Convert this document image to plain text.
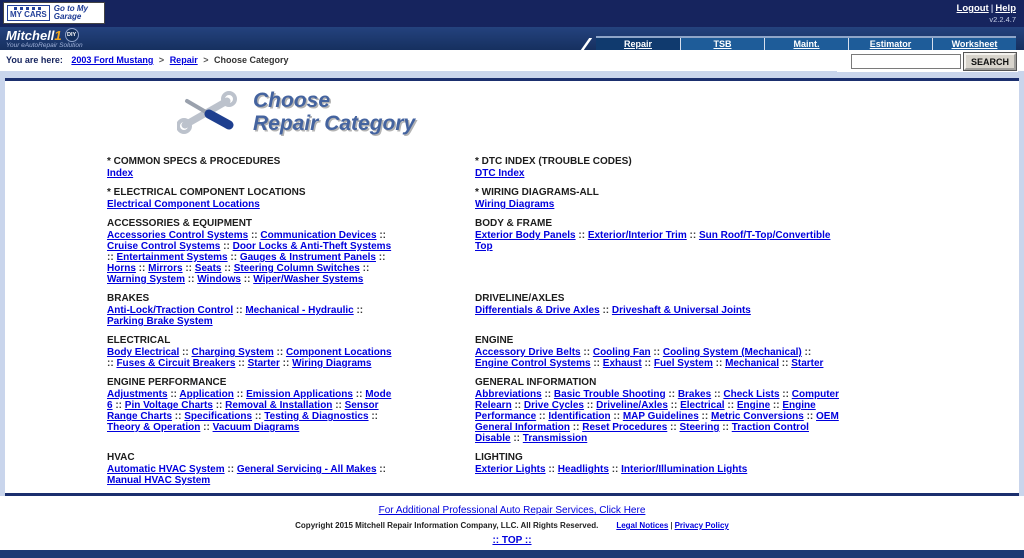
MY CARS
Go to My Garage
Logout | Help
v2.2.4.7
Mitchell1 DIY
Your eAutoRepair Solution	Repair	TSB	Maint.	Estimator	Worksheet
You are here: 2003 Ford Mustang > Repair > Choose Category	SEARCH
Choose
Repair Category
* COMMON SPECS & PROCEDURES
Index

* DTC INDEX (TROUBLE CODES)
DTC Index

* ELECTRICAL COMPONENT LOCATIONS
Electrical Component Locations

* WIRING DIAGRAMS-ALL
Wiring Diagrams

ACCESSORIES & EQUIPMENT
Accessories Control Systems :: Communication Devices :: Cruise Control Systems :: Door Locks & Anti-Theft Systems :: Entertainment Systems :: Gauges & Instrument Panels :: Horns :: Mirrors :: Seats :: Steering Column Switches :: Warning System :: Windows :: Wiper/Washer Systems

BODY & FRAME
Exterior Body Panels :: Exterior/Interior Trim :: Sun Roof/T-Top/Convertible Top

BRAKES
Anti-Lock/Traction Control :: Mechanical - Hydraulic :: Parking Brake System

DRIVELINE/AXLES
Differentials & Drive Axles :: Driveshaft & Universal Joints

ELECTRICAL
Body Electrical :: Charging System :: Component Locations :: Fuses & Circuit Breakers :: Starter :: Wiring Diagrams

ENGINE
Accessory Drive Belts :: Cooling Fan :: Cooling System (Mechanical) :: Engine Control Systems :: Exhaust :: Fuel System :: Mechanical :: Starter

ENGINE PERFORMANCE
Adjustments :: Application :: Emission Applications :: Mode 6 :: Pin Voltage Charts :: Removal & Installation :: Sensor Range Charts :: Specifications :: Testing & Diagnostics :: Theory & Operation :: Vacuum Diagrams

GENERAL INFORMATION
Abbreviations :: Basic Trouble Shooting :: Brakes :: Check Lists :: Computer Relearn :: Drive Cycles :: Driveline/Axles :: Electrical :: Engine :: Engine Performance :: Identification :: MAP Guidelines :: Metric Conversions :: OEM General Information :: Reset Procedures :: Steering :: Traction Control Disable :: Transmission

HVAC
Automatic HVAC System :: General Servicing - All Makes :: Manual HVAC System

LIGHTING
Exterior Lights :: Headlights :: Interior/Illumination Lights

For Additional Professional Auto Repair Services, Click Here
Copyright 2015 Mitchell Repair Information Company, LLC. All Rights Reserved. Legal Notices | Privacy Policy
:: TOP ::
